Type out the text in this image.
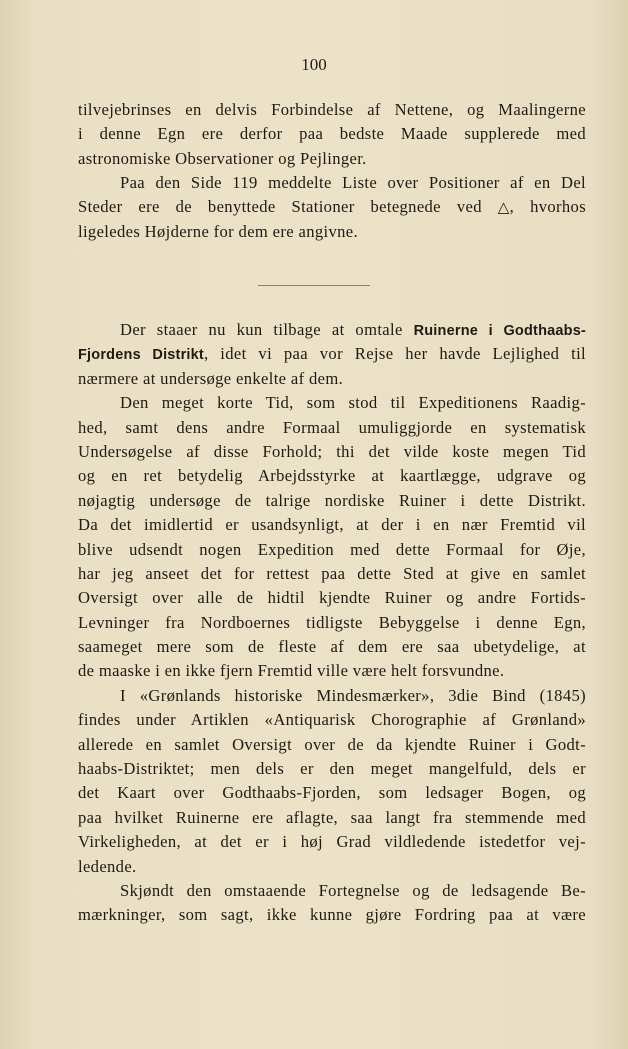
100
tilvejebrinses en delvis Forbindelse af Nettene, og Maalingerne
i denne Egn ere derfor paa bedste Maade supplerede med
astronomiske Observationer og Pejlinger.
Paa den Side 119 meddelte Liste over Positioner af en Del
Steder ere de benyttede Stationer betegnede ved △, hvorhos
ligeledes Højderne for dem ere angivne.
Der staaer nu kun tilbage at omtale Ruinerne i Godthaabs-
Fjordens Distrikt, idet vi paa vor Rejse her havde Lejlighed til
nærmere at undersøge enkelte af dem.
Den meget korte Tid, som stod til Expeditionens Raadig-
hed, samt dens andre Formaal umuliggjorde en systematisk
Undersøgelse af disse Forhold; thi det vilde koste megen Tid
og en ret betydelig Arbejdsstyrke at kaartlægge, udgrave og
nøjagtig undersøge de talrige nordiske Ruiner i dette Distrikt.
Da det imidlertid er usandsynligt, at der i en nær Fremtid vil
blive udsendt nogen Expedition med dette Formaal for Øje,
har jeg anseet det for rettest paa dette Sted at give en samlet
Oversigt over alle de hidtil kjendte Ruiner og andre Fortids-
Levninger fra Nordboernes tidligste Bebyggelse i denne Egn,
saameget mere som de fleste af dem ere saa ubetydelige, at
de maaske i en ikke fjern Fremtid ville være helt forsvundne.
I «Grønlands historiske Mindesmærker», 3die Bind (1845)
findes under Artiklen «Antiquarisk Chorographie af Grønland»
allerede en samlet Oversigt over de da kjendte Ruiner i Godt-
haabs-Distriktet; men dels er den meget mangelfuld, dels er
det Kaart over Godthaabs-Fjorden, som ledsager Bogen, og
paa hvilket Ruinerne ere aflagte, saa langt fra stemmende med
Virkeligheden, at det er i høj Grad vildledende istedetfor vej-
ledende.
Skjøndt den omstaaende Fortegnelse og de ledsagende Be-
mærkninger, som sagt, ikke kunne gjøre Fordring paa at være
